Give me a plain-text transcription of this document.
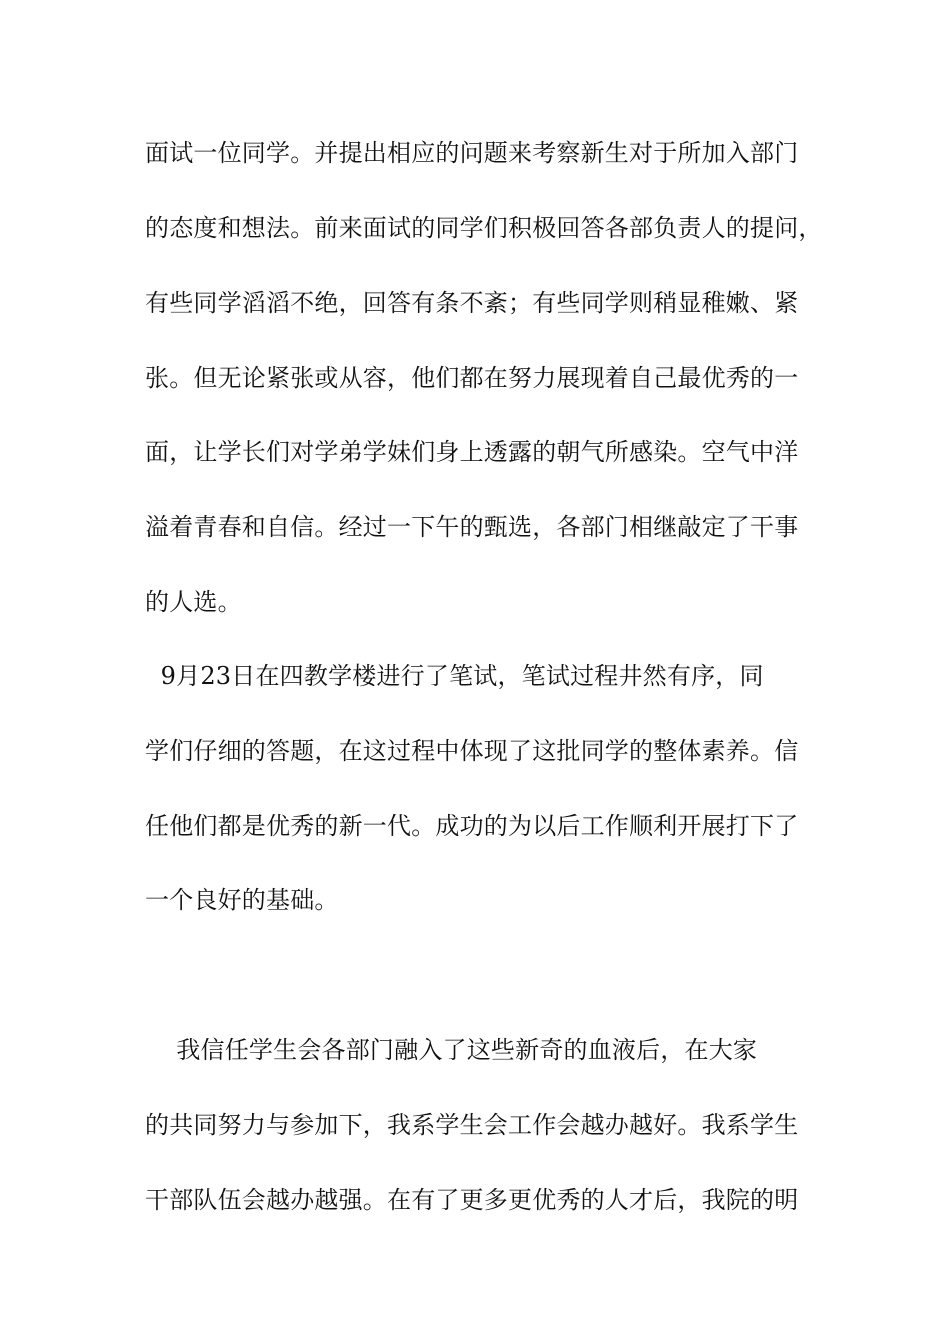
面试一位同学。并提出相应的问题来考察新生对于所加入部门
的态度和想法。前来面试的同学们积极回答各部负责人的提问，
有些同学滔滔不绝，回答有条不紊；有些同学则稍显稚嫩、紧
张。但无论紧张或从容，他们都在努力展现着自己最优秀的一
面，让学长们对学弟学妹们身上透露的朝气所感染。空气中洋
溢着青春和自信。经过一下午的甄选，各部门相继敲定了干事
的人选。
9月23日在四教学楼进行了笔试，笔试过程井然有序，同
学们仔细的答题，在这过程中体现了这批同学的整体素养。信
任他们都是优秀的新一代。成功的为以后工作顺利开展打下了
一个良好的基础。
我信任学生会各部门融入了这些新奇的血液后，在大家
的共同努力与参加下，我系学生会工作会越办越好。我系学生
干部队伍会越办越强。在有了更多更优秀的人才后，我院的明
